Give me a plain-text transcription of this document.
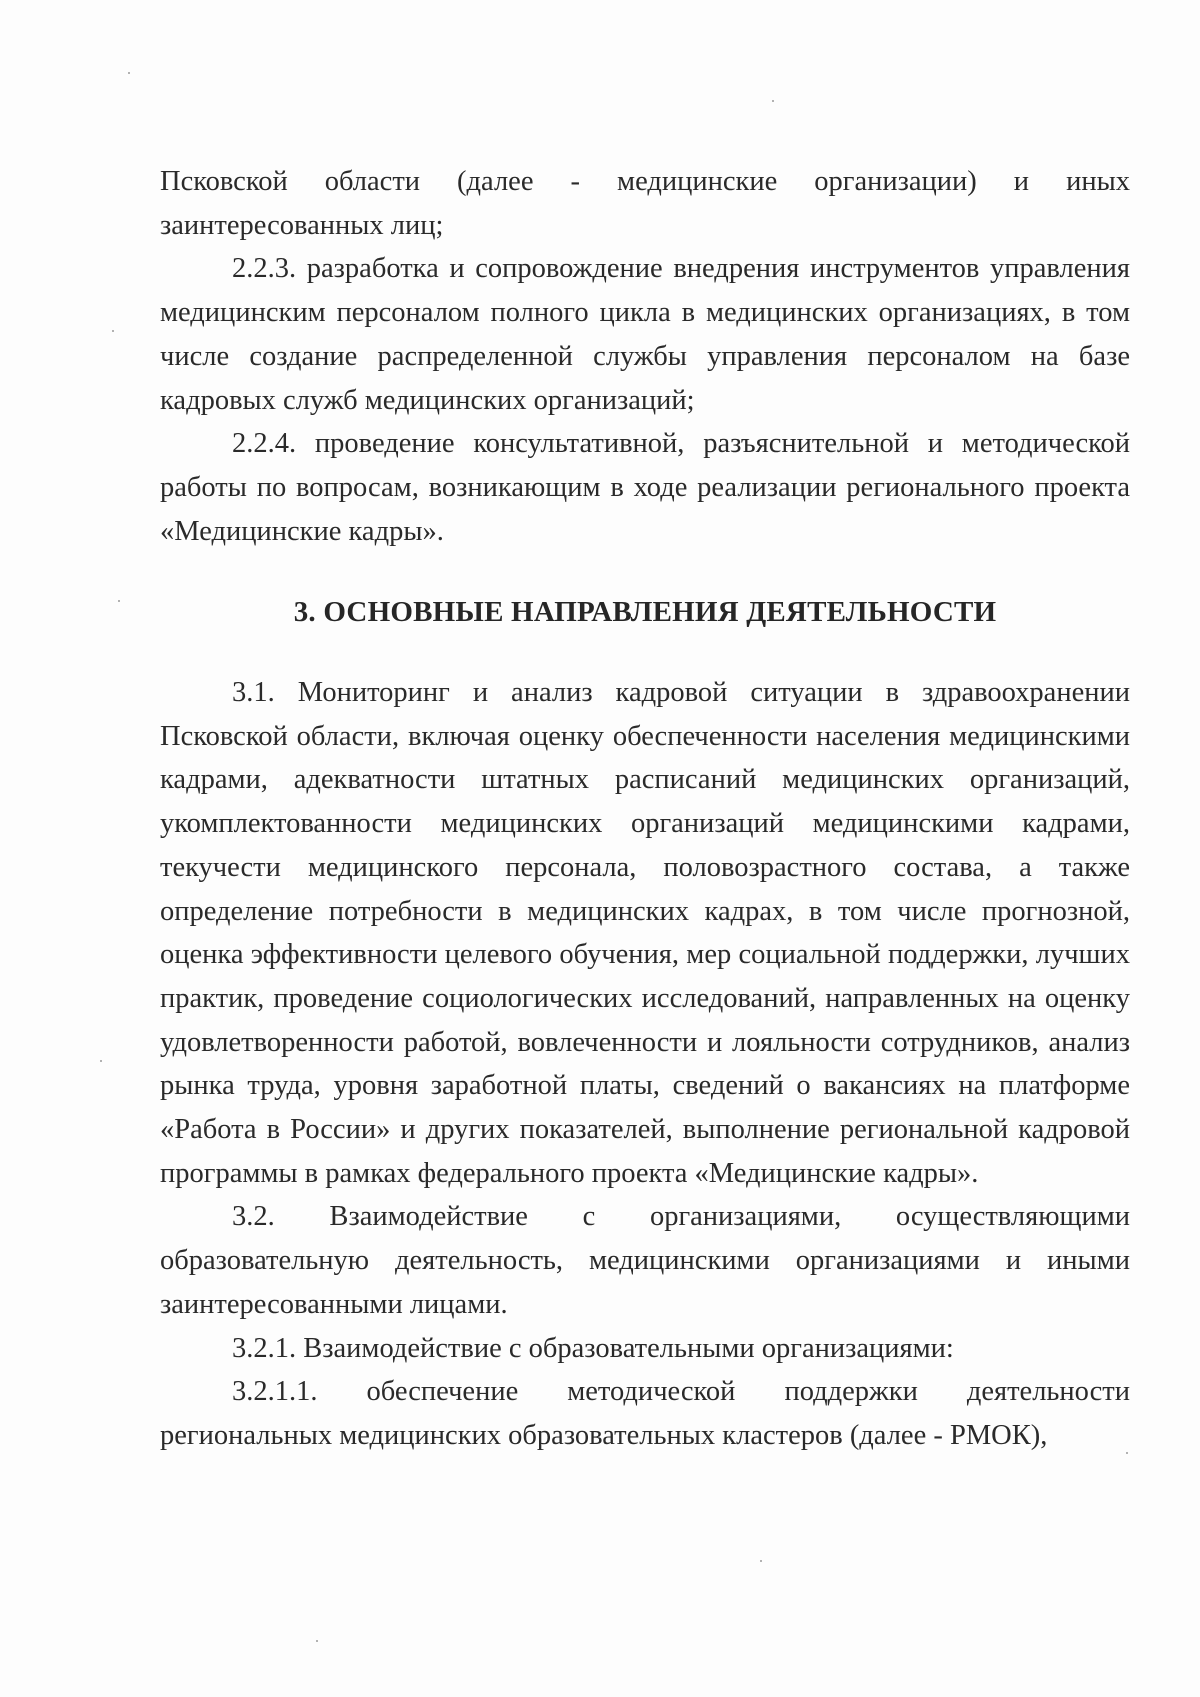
Псковской области (далее - медицинские организации) и иных заинтересованных лиц;

2.2.3. разработка и сопровождение внедрения инструментов управления медицинским персоналом полного цикла в медицинских организациях, в том числе создание распределенной службы управления персоналом на базе кадровых служб медицинских организаций;

2.2.4. проведение консультативной, разъяснительной и методической работы по вопросам, возникающим в ходе реализации регионального проекта «Медицинские кадры».

3. ОСНОВНЫЕ НАПРАВЛЕНИЯ ДЕЯТЕЛЬНОСТИ

3.1. Мониторинг и анализ кадровой ситуации в здравоохранении Псковской области, включая оценку обеспеченности населения медицинскими кадрами, адекватности штатных расписаний медицинских организаций, укомплектованности медицинских организаций медицинскими кадрами, текучести медицинского персонала, половозрастного состава, а также определение потребности в медицинских кадрах, в том числе прогнозной, оценка эффективности целевого обучения, мер социальной поддержки, лучших практик, проведение социологических исследований, направленных на оценку удовлетворенности работой, вовлеченности и лояльности сотрудников, анализ рынка труда, уровня заработной платы, сведений о вакансиях на платформе «Работа в России» и других показателей, выполнение региональной кадровой программы в рамках федерального проекта «Медицинские кадры».

3.2. Взаимодействие с организациями, осуществляющими образовательную деятельность, медицинскими организациями и иными заинтересованными лицами.

3.2.1. Взаимодействие с образовательными организациями:

3.2.1.1. обеспечение методической поддержки деятельности региональных медицинских образовательных кластеров (далее - РМОК),
